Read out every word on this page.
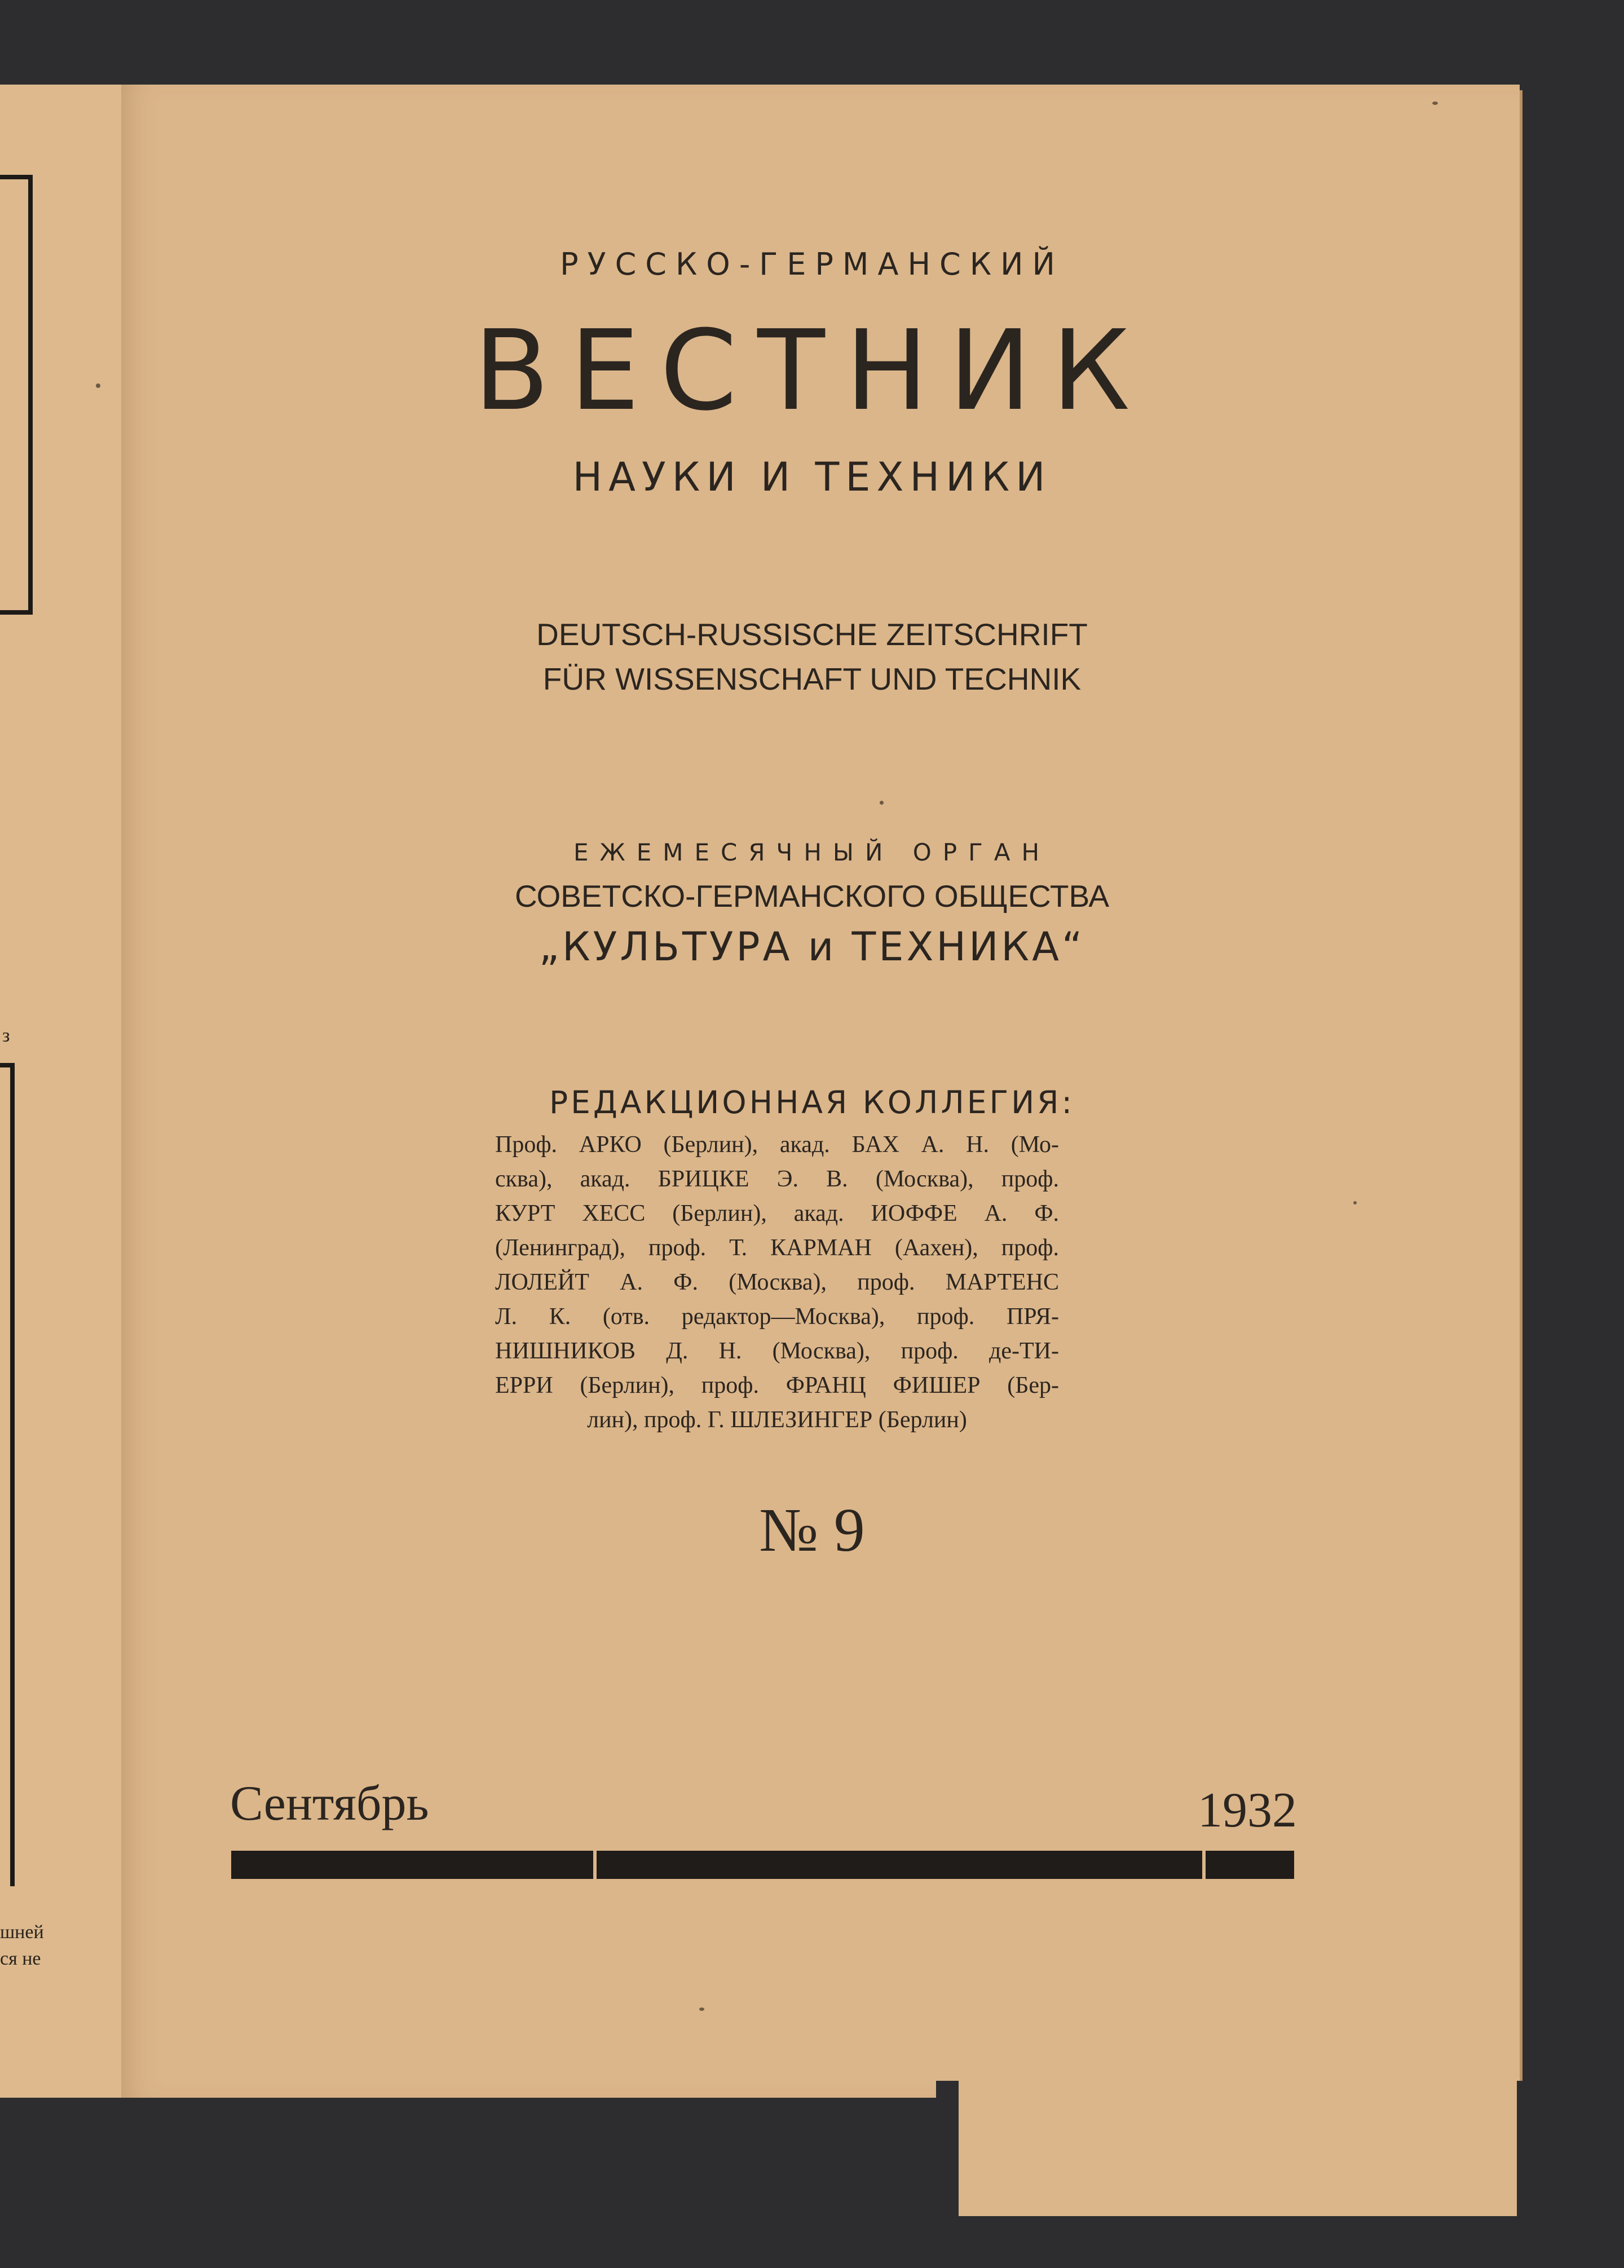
з
шней
ся не
РУССКО-ГЕРМАНСКИЙ
ВЕСТНИК
НАУКИ И ТЕХНИКИ
DEUTSCH-RUSSISCHE ZEITSCHRIFT
FÜR WISSENSCHAFT UND TECHNIK
ЕЖЕМЕСЯЧНЫЙ ОРГАН
СОВЕТСКО-ГЕРМАНСКОГО ОБЩЕСТВА
„КУЛЬТУРА и ТЕХНИКА“
РЕДАКЦИОННАЯ КОЛЛЕГИЯ:
Проф. АРКО (Берлин), акад. БАХ А. Н. (Мо-
сква), акад. БРИЦКЕ Э. В. (Москва), проф.
КУРТ ХЕСС (Берлин), акад. ИОФФЕ А. Ф.
(Ленинград), проф. Т. КАРМАН (Аахен), проф.
ЛОЛЕЙТ А. Ф. (Москва), проф. МАРТЕНС
Л. К. (отв. редактор—Москва), проф. ПРЯ-
НИШНИКОВ Д. Н. (Москва), проф. де-ТИ-
ЕРРИ (Берлин), проф. ФРАНЦ ФИШЕР (Бер-
лин), проф. Г. ШЛЕЗИНГЕР (Берлин)
№ 9
Сентябрь	1932
